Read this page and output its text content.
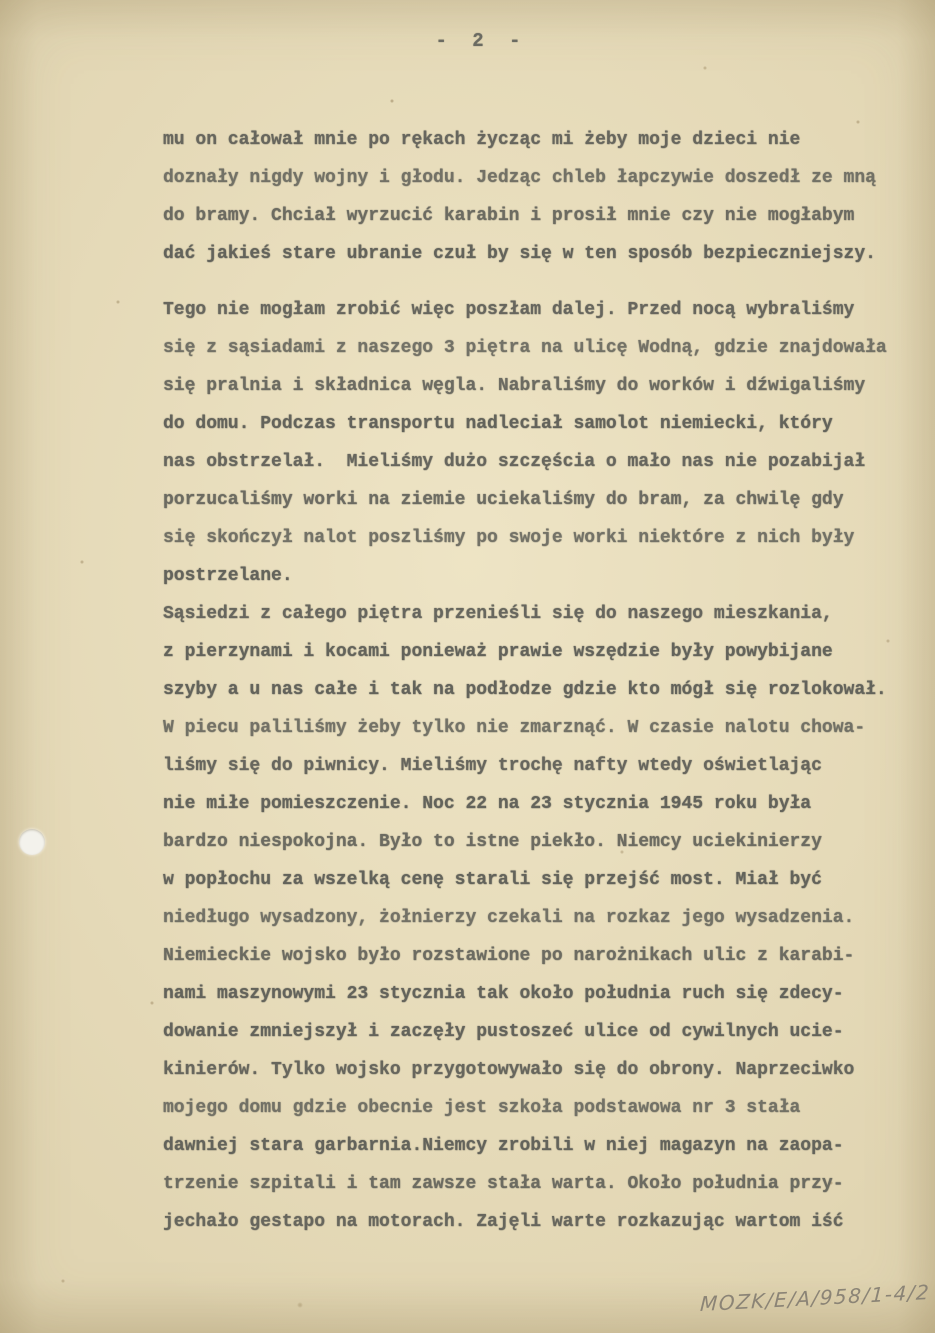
- 2 -
mu on całował mnie po rękach życząc mi żeby moje dzieci nie
doznały nigdy wojny i głodu. Jedząc chleb łapczywie doszedł ze mną
do bramy. Chciał wyrzucić karabin i prosił mnie czy nie mogłabym
dać jakieś stare ubranie czuł by się w ten sposób bezpieczniejszy.
Tego nie mogłam zrobić więc poszłam dalej. Przed nocą wybraliśmy
się z sąsiadami z naszego 3 piętra na ulicę Wodną, gdzie znajdowała
się pralnia i składnica węgla. Nabraliśmy do worków i dźwigaliśmy
do domu. Podczas transportu nadleciał samolot niemiecki, który
nas obstrzelał.  Mieliśmy dużo szczęścia o mało nas nie pozabijał
porzucaliśmy worki na ziemie uciekaliśmy do bram, za chwilę gdy
się skończył nalot poszliśmy po swoje worki niektóre z nich były
postrzelane.
Sąsiedzi z całego piętra przenieśli się do naszego mieszkania,
z pierzynami i kocami ponieważ prawie wszędzie były powybijane
szyby a u nas całe i tak na podłodze gdzie kto mógł się rozlokował.
W piecu paliliśmy żeby tylko nie zmarznąć. W czasie nalotu chowa-
liśmy się do piwnicy. Mieliśmy trochę nafty wtedy oświetlając
nie miłe pomieszczenie. Noc 22 na 23 stycznia 1945 roku była
bardzo niespokojna. Było to istne piekło. Niemcy uciekinierzy
w popłochu za wszelką cenę starali się przejść most. Miał być
niedługo wysadzony, żołnierzy czekali na rozkaz jego wysadzenia.
Niemieckie wojsko było rozstawione po narożnikach ulic z karabi-
nami maszynowymi 23 stycznia tak około południa ruch się zdecy-
dowanie zmniejszył i zaczęły pustoszeć ulice od cywilnych ucie-
kinierów. Tylko wojsko przygotowywało się do obrony. Naprzeciwko
mojego domu gdzie obecnie jest szkoła podstawowa nr 3 stała
dawniej stara garbarnia.Niemcy zrobili w niej magazyn na zaopa-
trzenie szpitali i tam zawsze stała warta. Około południa przy-
jechało gestapo na motorach. Zajęli warte rozkazując wartom iść
MOZK/E/A/958/1-4/2
